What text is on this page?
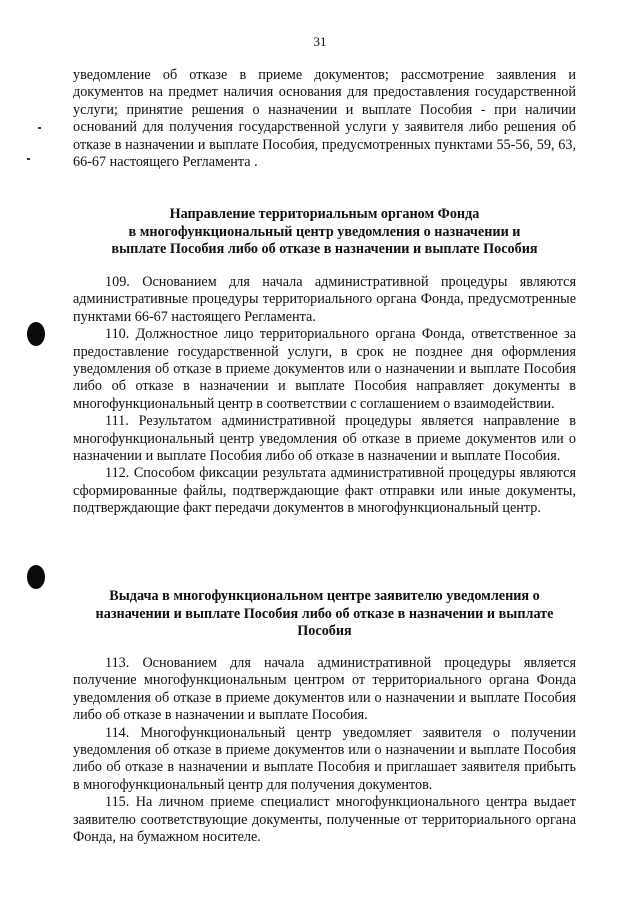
31

уведомление об отказе в приеме документов; рассмотрение заявления и документов на предмет наличия основания для предоставления государственной услуги; принятие решения о назначении и выплате Пособия - при наличии оснований для получения государственной услуги у заявителя либо решения об отказе в назначении и выплате Пособия, предусмотренных пунктами 55-56, 59, 63, 66-67 настоящего Регламента .

Направление территориальным органом Фонда
в многофункциональный центр уведомления о назначении и
выплате Пособия либо об отказе в назначении и выплате Пособия

109. Основанием для начала административной процедуры являются административные процедуры территориального органа Фонда, предусмотренные пунктами 66-67 настоящего Регламента.

110. Должностное лицо территориального органа Фонда, ответственное за предоставление государственной услуги, в срок не позднее дня оформления уведомления об отказе в приеме документов или о назначении и выплате Пособия либо об отказе в назначении и выплате Пособия направляет документы в многофункциональный центр в соответствии с соглашением о взаимодействии.

111. Результатом административной процедуры является направление в многофункциональный центр уведомления об отказе в приеме документов или о назначении и выплате Пособия либо об отказе в назначении и выплате Пособия.

112. Способом фиксации результата административной процедуры являются сформированные файлы, подтверждающие факт отправки или иные документы, подтверждающие факт передачи документов в многофункциональный центр.

Выдача в многофункциональном центре заявителю уведомления о
назначении и выплате Пособия либо об отказе в назначении и выплате
Пособия

113. Основанием для начала административной процедуры является получение многофункциональным центром от территориального органа Фонда уведомления об отказе в приеме документов или о назначении и выплате Пособия либо об отказе в назначении и выплате Пособия.

114. Многофункциональный центр уведомляет заявителя о получении уведомления об отказе в приеме документов или о назначении и выплате Пособия либо об отказе в назначении и выплате Пособия и приглашает заявителя прибыть в многофункциональный центр для получения документов.

115. На личном приеме специалист многофункционального центра выдает заявителю соответствующие документы, полученные от территориального органа Фонда, на бумажном носителе.
